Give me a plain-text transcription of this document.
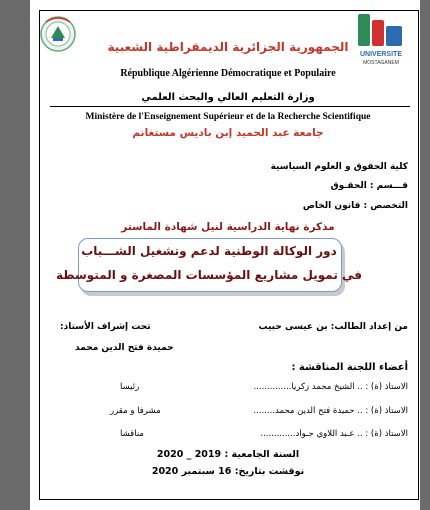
UNIVERSITE
MOSTAGANEM
الجمهورية الجزائرية الديمقراطية الشعبية
République Algérienne Démocratique et Populaire
وزارة التعليم العالي والبحث العلمي
Ministère de l'Enseignement Supérieur et de la Recherche Scientifique
جامعة عبد الحميد إبن باديس مستغانم
كلية الحقوق و العلوم السياسية
قـــسم : الحقـوق
التخصص : قانون الخاص
مذكرة نهاية الدراسية لنيل شهادة الماستر
دور الوكالة الوطنية لدعم وتشغيل الشـــباب
في تمويل مشاريع المؤسسات المصغرة و المتوسطة
من إعداد الطالب: بن عيسى حبيب
تحت إشراف الأستاذ:
حميدة فتح الدين محمد
أعضاء اللجنة المناقشة :
الاستاذ (ة) : .. الشيخ محمد زكريا..............
رئيسا
الاستاذ (ة) : .. حميدة فتح الدين محمد........
مشرفا و مقرر
الاستاذ (ة) : .. عـبد اللاوي جـواد.............
مناقشا
السنة الجامعية : 2019 _ 2020
نوقشت بتاريخ: 16 سبتمبر 2020
